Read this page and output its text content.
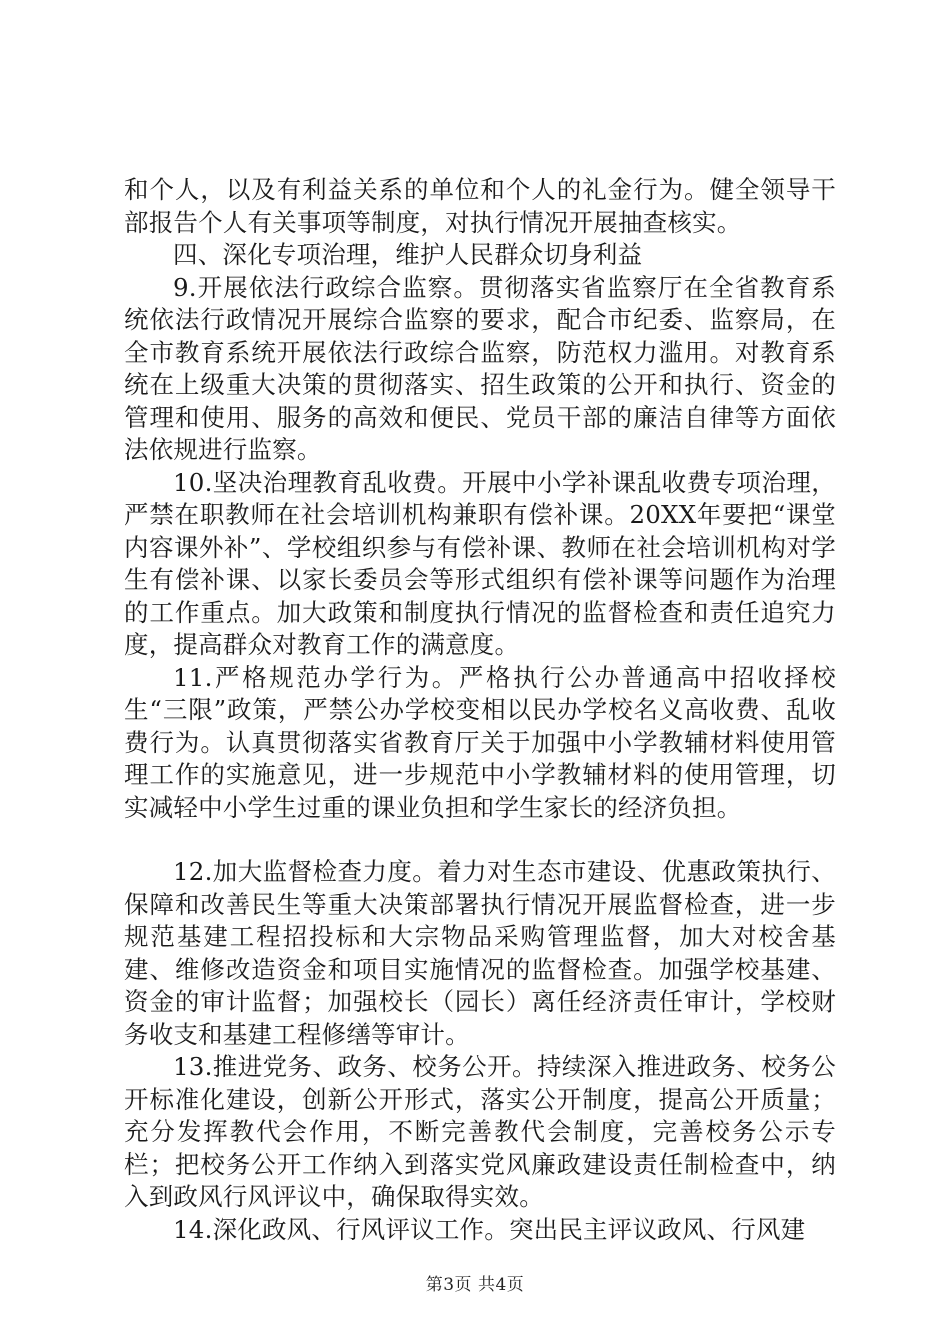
和个人，以及有利益关系的单位和个人的礼金行为。健全领导干部报告个人有关事项等制度，对执行情况开展抽查核实。

四、深化专项治理，维护人民群众切身利益

9.开展依法行政综合监察。贯彻落实省监察厅在全省教育系统依法行政情况开展综合监察的要求，配合市纪委、监察局，在全市教育系统开展依法行政综合监察，防范权力滥用。对教育系统在上级重大决策的贯彻落实、招生政策的公开和执行、资金的管理和使用、服务的高效和便民、党员干部的廉洁自律等方面依法依规进行监察。

10.坚决治理教育乱收费。开展中小学补课乱收费专项治理，严禁在职教师在社会培训机构兼职有偿补课。20XX年要把“课堂内容课外补”、学校组织参与有偿补课、教师在社会培训机构对学生有偿补课、以家长委员会等形式组织有偿补课等问题作为治理的工作重点。加大政策和制度执行情况的监督检查和责任追究力度，提高群众对教育工作的满意度。

11.严格规范办学行为。严格执行公办普通高中招收择校生“三限”政策，严禁公办学校变相以民办学校名义高收费、乱收费行为。认真贯彻落实省教育厅关于加强中小学教辅材料使用管理工作的实施意见，进一步规范中小学教辅材料的使用管理，切实减轻中小学生过重的课业负担和学生家长的经济负担。

12.加大监督检查力度。着力对生态市建设、优惠政策执行、保障和改善民生等重大决策部署执行情况开展监督检查，进一步规范基建工程招投标和大宗物品采购管理监督，加大对校舍基建、维修改造资金和项目实施情况的监督检查。加强学校基建、资金的审计监督；加强校长（园长）离任经济责任审计，学校财务收支和基建工程修缮等审计。

13.推进党务、政务、校务公开。持续深入推进政务、校务公开标准化建设，创新公开形式，落实公开制度，提高公开质量；充分发挥教代会作用，不断完善教代会制度，完善校务公示专栏；把校务公开工作纳入到落实党风廉政建设责任制检查中，纳入到政风行风评议中，确保取得实效。

14.深化政风、行风评议工作。突出民主评议政风、行风建

第3页 共4页
